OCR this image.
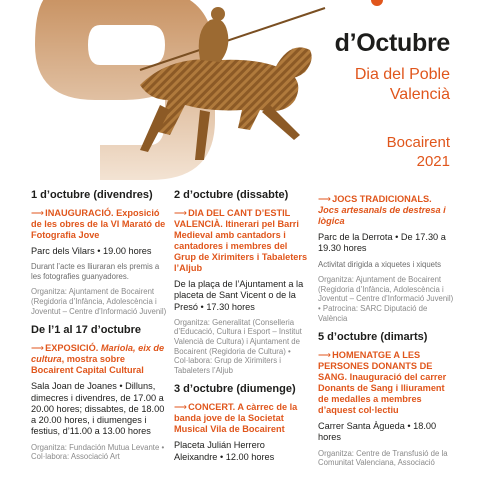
d’Octubre
Dia del Poble
Valencià
Bocairent
2021
1 d’octubre (divendres)
⟶INAUGURACIÓ. Exposició de les obres de la VI Marató de Fotografia Jove
Parc dels Vilars • 19.00 hores
Durant l’acte es lliuraran els premis a les fotografies guanyadores.
Organitza: Ajuntament de Bocairent (Regidoria d’Infància, Adolescència i Joventut – Centre d’Informació Juvenil)
De l’1 al 17 d’octubre
⟶EXPOSICIÓ. Mariola, eix de cultura, mostra sobre Bocairent Capital Cultural
Sala Joan de Joanes • Dilluns, dimecres i divendres, de 17.00 a 20.00 hores; dissabtes, de 18.00 a 20.00 hores, i diumenges i festius, d’11.00 a 13.00 hores
Organitza: Fundación Mutua Levante • Col·labora: Associació Art
2 d’octubre (dissabte)
⟶DIA DEL CANT D’ESTIL VALENCIÀ. Itinerari pel Barri Medieval amb cantadors i cantadores i membres del Grup de Xirimiters i Tabaleters l’Aljub
De la plaça de l’Ajuntament a la placeta de Sant Vicent o de la Presó • 17.30 hores
Organitza: Generalitat (Conselleria d’Educació, Cultura i Esport – Institut Valencià de Cultura) i Ajuntament de Bocairent (Regidoria de Cultura) • Col·labora: Grup de Xirimiters i Tabaleters l’Aljub
3 d’octubre (diumenge)
⟶CONCERT. A càrrec de la banda jove de la Societat Musical Vila de Bocairent
Placeta Julián Herrero Aleixandre • 12.00 hores
⟶JOCS TRADICIONALS. Jocs artesanals de destresa i lògica
Parc de la Derrota • De 17.30 a 19.30 hores
Activitat dirigida a xiquetes i xiquets
Organitza: Ajuntament de Bocairent (Regidoria d’Infància, Adolescència i Joventut – Centre d’Informació Juvenil) • Patrocina: SARC Diputació de València
5 d’octubre (dimarts)
⟶HOMENATGE A LES PERSONES DONANTS DE SANG. Inauguració del carrer Donants de Sang i lliurament de medalles a membres d’aquest col·lectiu
Carrer Santa Àgueda • 18.00 hores
Organitza: Centre de Transfusió de la Comunitat Valenciana, Associació
